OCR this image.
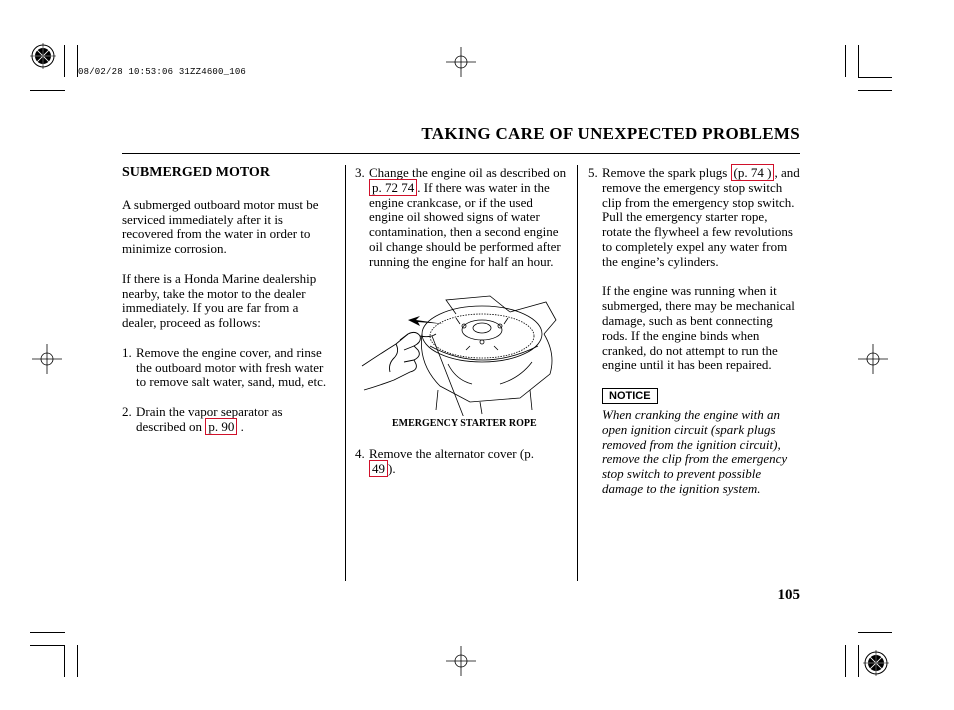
08/02/28 10:53:06 31ZZ4600_106
TAKING CARE OF UNEXPECTED PROBLEMS
SUBMERGED MOTOR

A submerged outboard motor must be serviced immediately after it is recovered from the water in order to minimize corrosion.

If there is a Honda Marine dealership nearby, take the motor to the dealer immediately. If you are far from a dealer, proceed as follows:

1. Remove the engine cover, and rinse the outboard motor with fresh water to remove salt water, sand, mud, etc.
2. Drain the vapor separator as described on p. 90 .
3. Change the engine oil as described on p. 72 74 . If there was water in the engine crankcase, or if the used engine oil showed signs of water contamination, then a second engine oil change should be performed after running the engine for half an hour.
EMERGENCY STARTER ROPE
4. Remove the alternator cover (p.
49 ).
5. Remove the spark plugs (p. 74 ) , and remove the emergency stop switch clip from the emergency stop switch. Pull the emergency starter rope, rotate the flywheel a few revolutions to completely expel any water from the engine’s cylinders.

If the engine was running when it submerged, there may be mechanical damage, such as bent connecting rods. If the engine binds when cranked, do not attempt to run the engine until it has been repaired.

NOTICE
When cranking the engine with an open ignition circuit (spark plugs removed from the ignition circuit), remove the clip from the emergency stop switch to prevent possible damage to the ignition system.
105
